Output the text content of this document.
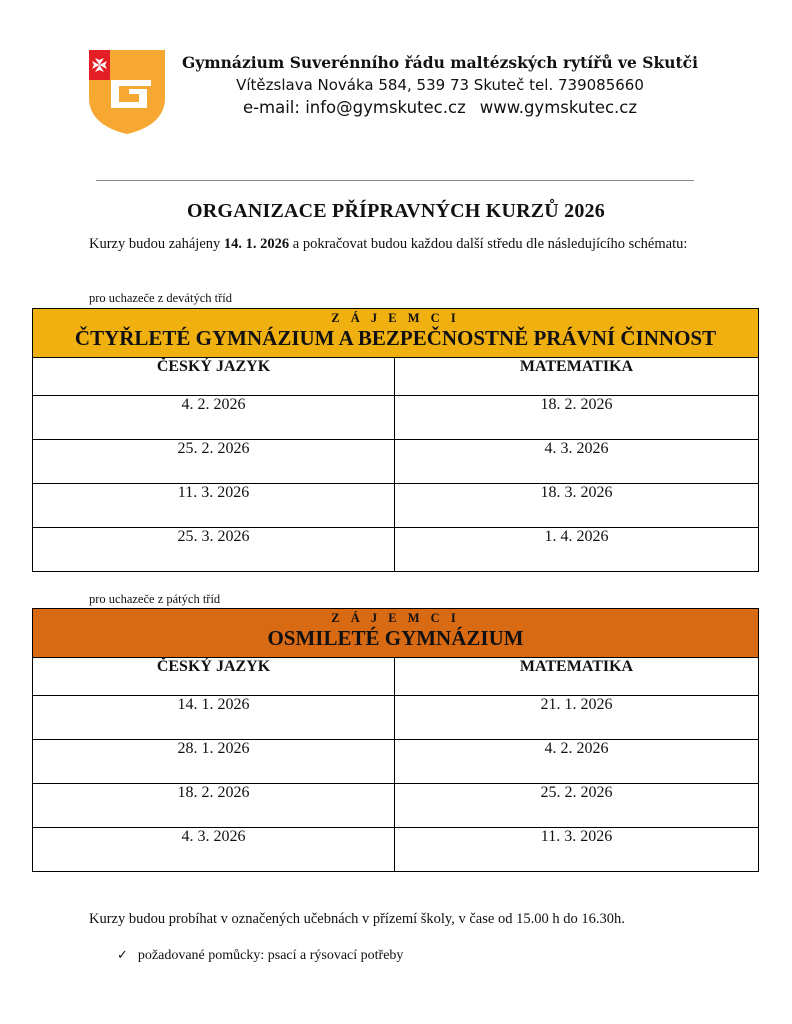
Gymnázium Suverénního řádu maltézských rytířů ve Skutči
Vítězslava Nováka 584, 539 73 Skuteč tel. 739085660
e-mail: info@gymskutec.cz www.gymskutec.cz
ORGANIZACE PŘÍPRAVNÝCH KURZŮ 2026
Kurzy budou zahájeny 14. 1. 2026 a pokračovat budou každou další středu dle následujícího schématu:
pro uchazeče z devátých tříd
Z Á J E M C I
ČTYŘLETÉ GYMNÁZIUM A BEZPEČNOSTNĚ PRÁVNÍ ČINNOST	

ČESKÝ JAZYK	MATEMATIKA

4. 2. 2026	18. 2. 2026

25. 2. 2026	4. 3. 2026

11. 3. 2026	18. 3. 2026

25. 3. 2026	1. 4. 2026
pro uchazeče z pátých tříd
Z Á J E M C I
OSMILETÉ GYMNÁZIUM	

ČESKÝ JAZYK	MATEMATIKA

14. 1. 2026	21. 1. 2026

28. 1. 2026	4. 2. 2026

18. 2. 2026	25. 2. 2026

4. 3. 2026	11. 3. 2026
Kurzy budou probíhat v označených učebnách v přízemí školy, v čase od 15.00 h do 16.30h.
✓ požadované pomůcky: psací a rýsovací potřeby
